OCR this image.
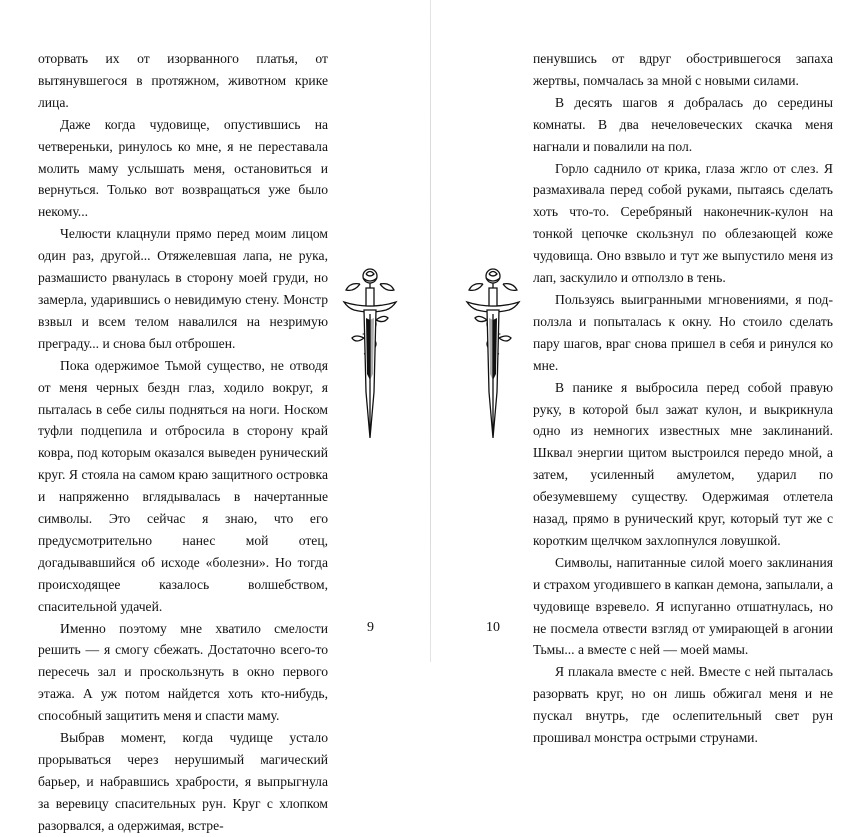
оторвать их от изорванного платья, от вытянувшегося в протяжном, животном крике лица.

Даже когда чудовище, опустившись на четвереньки, ринулось ко мне, я не переставала молить маму услышать меня, остановиться и вернуться. Только вот возвращаться уже было некому...

Челюсти клацнули прямо перед моим лицом один раз, другой... Отяжелевшая лапа, не рука, размашисто рванулась в сторону моей груди, но замерла, ударившись о невидимую стену. Монстр взвыл и всем телом навалился на незримую преграду... и снова был отброшен.

Пока одержимое Тьмой существо, не отводя от меня черных бездн глаз, ходило вокруг, я пыталась в себе силы подняться на ноги. Носком туфли подцепила и отбросила в сторону край ковра, под которым оказался выведен рунический круг. Я стояла на самом краю защитного островка и напряженно вглядывалась в начертанные символы. Это сейчас я знаю, что его предусмотрительно нанес мой отец, догадывавшийся об исходе «болезни». Но тогда происходящее казалось волшебством, спасительной удачей.

Именно поэтому мне хватило смелости решить — я смогу сбежать. Достаточно всего-то пересечь зал и проскользнуть в окно первого этажа. А уж потом найдется хоть кто-нибудь, способный защитить меня и спасти маму.

Выбрав момент, когда чудище устало прорываться через нерушимый магический барьер, и набравшись храбрости, я выпрыгнула за веревицу спасительных рун. Круг с хлопком разорвался, а одержимая, встре-

9

пенувшись от вдруг обострившегося запаха жертвы, помчалась за мной с новыми силами.

В десять шагов я добралась до середины комнаты. В два нечеловеческих скачка меня нагнали и повалили на пол.

Горло саднило от крика, глаза жгло от слез. Я размахивала перед собой руками, пытаясь сделать хоть что-то. Серебряный наконечник-кулон на тонкой цепочке скользнул по облезающей коже чудовища. Оно взвыло и тут же выпустило меня из лап, заскулило и отползло в тень.

Пользуясь выигранными мгновениями, я подползла и попыталась к окну. Но стоило сделать пару шагов, враг снова пришел в себя и ринулся ко мне.

В панике я выбросила перед собой правую руку, в которой был зажат кулон, и выкрикнула одно из немногих известных мне заклинаний. Шквал энергии щитом выстроился передо мной, а затем, усиленный амулетом, ударил по обезумевшему существу. Одержимая отлетела назад, прямо в рунический круг, который тут же с коротким щелчком захлопнулся ловушкой.

Символы, напитанные силой моего заклинания и страхом угодившего в капкан демона, запылали, а чудовище взревело. Я испуганно отшатнулась, но не посмела отвести взгляд от умирающей в агонии Тьмы... а вместе с ней — моей мамы.

Я плакала вместе с ней. Вместе с ней пыталась разорвать круг, но он лишь обжигал меня и не пускал внутрь, где ослепительный свет рун прошивал монстра острыми струнами.

10
